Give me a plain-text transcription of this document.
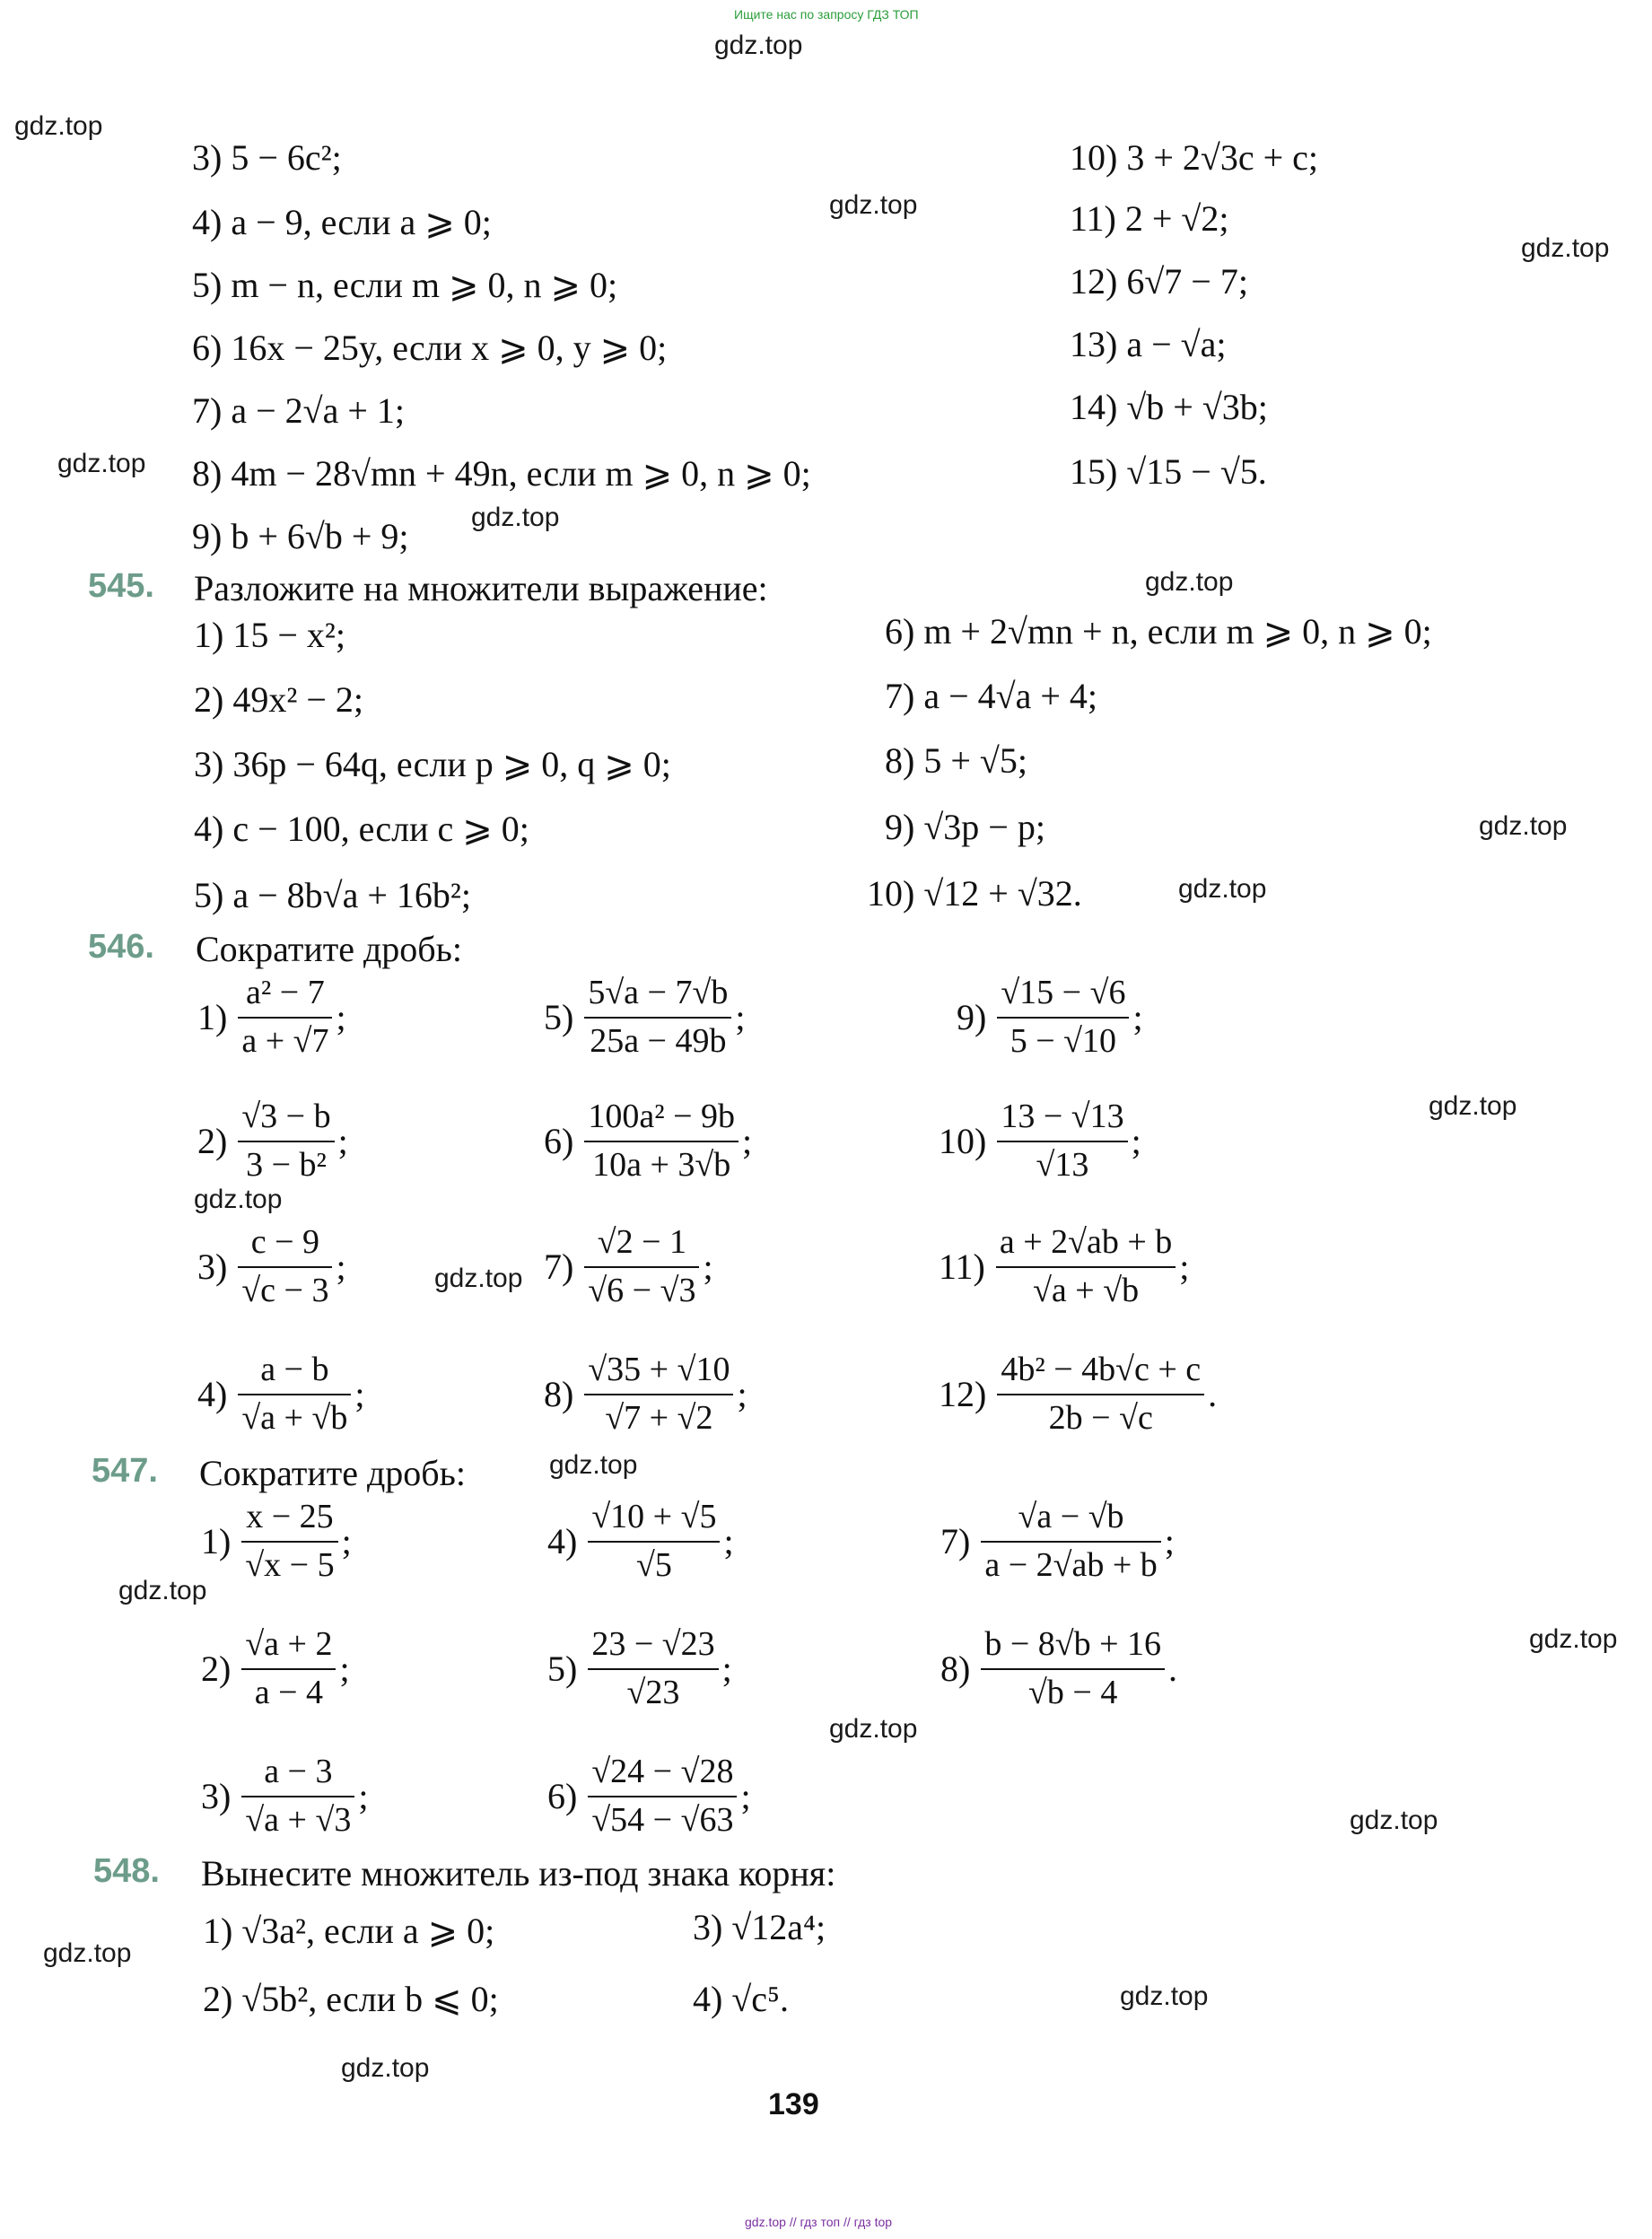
Ищите нас по запросу ГДЗ ТОП
gdz.top
gdz.top
gdz.top
gdz.top
gdz.top
gdz.top
gdz.top
gdz.top
gdz.top
gdz.top
gdz.top
gdz.top
gdz.top
gdz.top
gdz.top
gdz.top
gdz.top
gdz.top
gdz.top
gdz.top
3) 5 − 6c²;
4) a − 9, если a ⩾ 0;
5) m − n, если m ⩾ 0, n ⩾ 0;
6) 16x − 25y, если x ⩾ 0, y ⩾ 0;
7) a − 2√a + 1;
8) 4m − 28√mn + 49n, если m ⩾ 0, n ⩾ 0;
9) b + 6√b + 9;
10) 3 + 2√3c + c;
11) 2 + √2;
12) 6√7 − 7;
13) a − √a;
14) √b + √3b;
15) √15 − √5.
545. Разложите на множители выражение:
1) 15 − x²;
2) 49x² − 2;
3) 36p − 64q, если p ⩾ 0, q ⩾ 0;
4) c − 100, если c ⩾ 0;
5) a − 8b√a + 16b²;
6) m + 2√mn + n, если m ⩾ 0, n ⩾ 0;
7) a − 4√a + 4;
8) 5 + √5;
9) √3p − p;
10) √12 + √32.
546. Сократите дробь:
$1) \frac{\text{a² − 7}}{a + √7}$ ;	$5) \frac{5√a - 7√b}{25a - 49b}$ ;	$9) \frac{√15 - √6}{5 - √10}$ ;
$2) \frac{√3 - b}{\text{3 − b²}}$ ;	$6) \frac{\text{100a² − 9b}}{10a + 3√b}$ ;	$10) \frac{13 - √13}{√13}$ ;
$3) \frac{c - 9}{√c - 3}$ ;	$7) \frac{√2 - 1}{√6 - √3}$ ;	$11) \frac{a + 2√ab + b}{√a + √b}$ ;
$4) \frac{a - b}{√a + √b}$ ;	$8) \frac{√35 + √10}{√7 + √2}$ ;	$12) \frac{\text{4b² − 4b√c + c}}{2b - √c}$ .
547. Сократите дробь:
$1) \frac{x - 25}{√x - 5}$ ;	$4) \frac{√10 + √5}{√5}$ ;	$7) \frac{√a - √b}{a - 2√ab + b}$ ;
$2) \frac{√a + 2}{a - 4}$ ;	$5) \frac{23 - √23}{√23}$ ;	$8) \frac{b - 8√b + 16}{√b - 4}$ .
$3) \frac{a - 3}{√a + √3}$ ;	$6) \frac{√24 - √28}{√54 - √63}$ ;
548. Вынесите множитель из-под знака корня:
1) √3a², если a ⩾ 0;	3) √12a⁴;
2) √5b², если b ⩽ 0;	4) √c⁵.
139
gdz.top // гдз топ // гдз top
